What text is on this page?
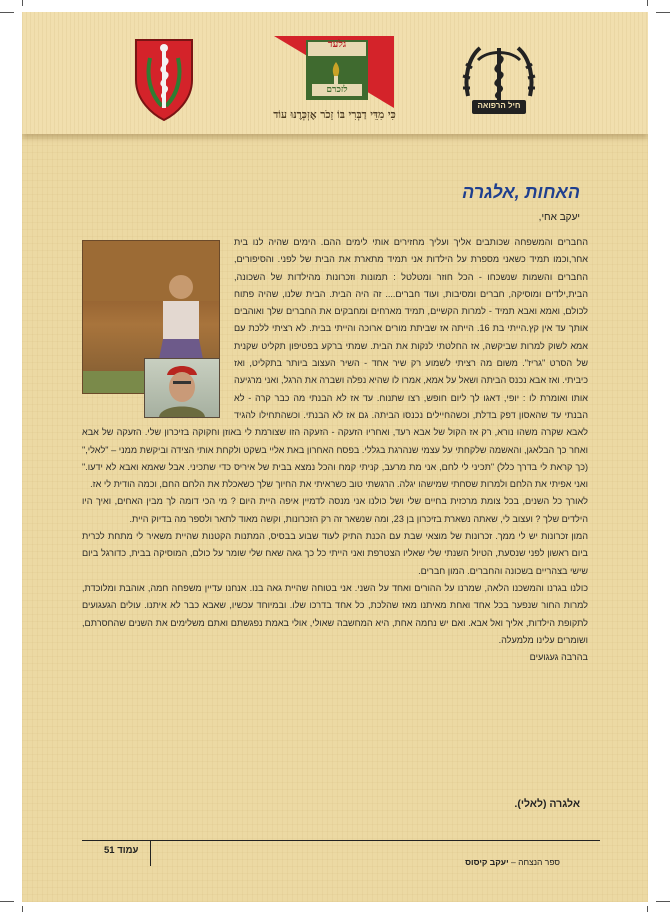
גלעד
לזכרם
כִּי מִדֵּי דַבְּרִי בּוֹ זָכֹר אֶזְכְּרֶנּוּ עוֹד
חיל הרפואה
האחות ,אלגרה
יעקב אחי,

החברים והמשפחה שכותבים אליך ועליך מחזירים אותי לימים ההם. הימים שהיה לנו בית אחר,וכמו תמיד כשאני מספרת על הילדות אני תמיד מתארת את הבית של לפני. והסיפורים, החברים והשמות שנשכחו - הכל חוזר ומטלטל : תמונות וזכרונות מהילדות של השכונה, הבית,ילדים ומוסיקה, חברים ומסיבות, ועוד חברים.... זה היה הבית. הבית שלנו, שהיה פתוח לכולם, ואמא ואבא תמיד - למרות הקשיים, תמיד מארחים ומחבקים את החברים שלך ואוהבים אותך עד אין קץ.הייתי בת 16. הייתה אז שביתת מורים ארוכה והייתי בבית. לא רציתי ללכת עם אמא לשוק למרות שביקשה, אז החלטתי לנקות את הבית. שמתי ברקע בפטיפון תקליט שקנית של הסרט "גריז". משום מה רציתי לשמוע רק שיר אחד - השיר העצוב ביותר בתקליט, ואז כיביתי. ואז אבא נכנס הביתה ושאל על אמא, אמרו לו שהיא נפלה ושברה את הרגל, ואני מרגיעה אותו ואומרת לו : יופי, דאגו לך ליום חופש, רצו שתנוח. עד אז לא הבנתי מה כבר קרה - לא הבנתי עד שהאסון דפק בדלת, וכשהחיילים נכנסו הביתה. גם אז לא הבנתי. וכשהתחילו להגיד לאבא שקרה משהו נורא, רק אז הקול של אבא רעד, ואחריו הזעקה - הזעקה הזו שצורמת לי באוזן וחקוקה בזיכרון שלי. הזעקה של אבא ואחר כך הבלאגן, והאשמה שלקחתי על עצמי שנהרגת בגללי. בפסח האחרון באת אליי בשקט ולקחת אותי הצידה וביקשת ממני – "לאלי," (כך קראת לי בדרך כלל) "תכיני לי לחם, אני מת מרעב, קניתי קמח והכל נמצא בבית של איריס כדי שתכיני. אבל שאמא ואבא לא ידעו." ואני אפיתי את הלחם ולמרות שסחתי שמישהו יגלה. הרגשתי טוב כשראיתי את החיוך שלך כשאכלת את הלחם החם, וכמה הודית לי אז.

לאורך כל השנים, בכל צומת מרכזית בחיים שלי ושל כולנו אני מנסה לדמיין איפה היית היום ? מי הכי דומה לך מבין האחים, ואיך היו הילדים שלך ? ועצוב לי, שאתה נשארת בזיכרון בן 23, ומה שנשאר זה רק הזכרונות, וקשה מאוד לתאר ולספר מה בדיוק היית.

המון זכרונות יש לי ממך. זכרונות של מוצאי שבת עם הכנת התיק לעוד שבוע בבסיס, המתנות הקטנות שהיית משאיר לי מתחת לכרית ביום ראשון לפני שנסעת, הטיול השנתי שלי שאליו הצטרפת ואני הייתי כל כך גאה שאח שלי שומר על כולם, המוסיקה בבית, כדורגל ביום שישי בצהריים בשכונה והחברים. המון חברים.

כולנו בגרנו והמשכנו הלאה, שמרנו על ההורים ואחד על השני. אני בטוחה שהיית גאה בנו. אנחנו עדיין משפחה חמה, אוהבת ומלוכדת, למרות החור שנפער בכל אחד ואחת מאיתנו מאז שהלכת, כל אחד בדרכו שלו. ובמיוחד עכשיו, שאבא כבר לא איתנו. עולים הגעגועים לתקופת הילדות, אליך ואל אבא. ואם יש נחמה אחת, היא המחשבה שאולי, אולי באמת נפגשתם ואתם משלימים את השנים שהחסרתם, ושומרים עלינו מלמעלה.

בהרבה געגועים

אלגרה (לאלי).
עמוד 51
ספר הנצחה – יעקב קיסוס
